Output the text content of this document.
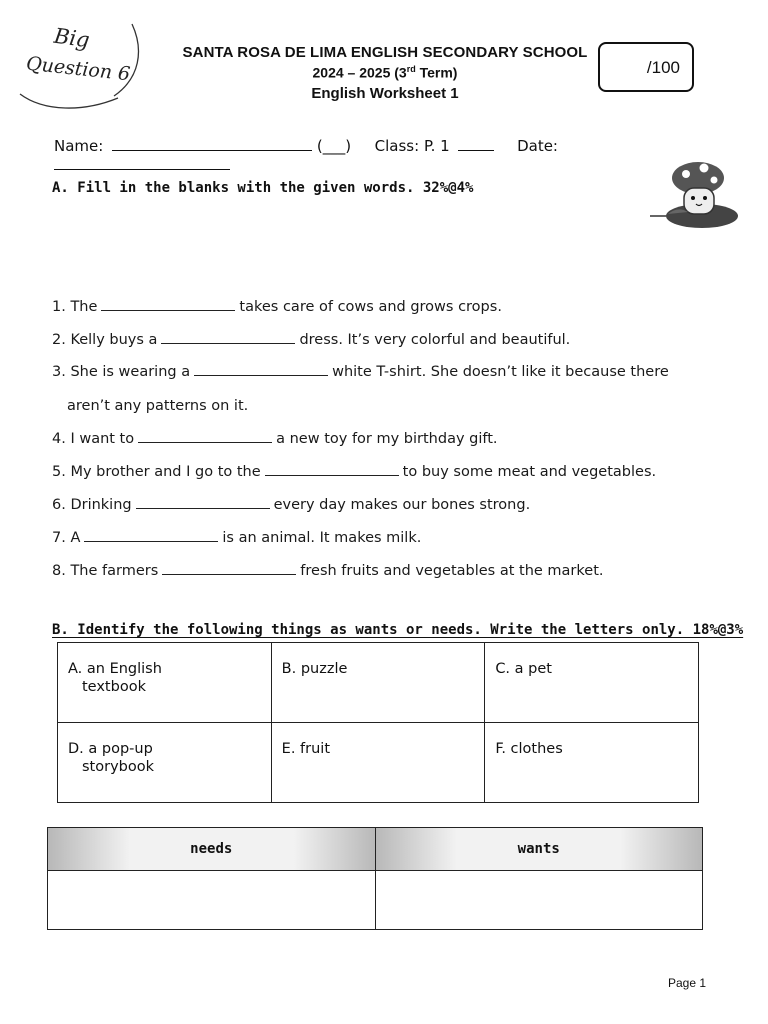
Big
Question 6
SANTA ROSA DE LIMA ENGLISH SECONDARY SCHOOL
2024 – 2025 (3rd Term)
English Worksheet 1
/100
Name:	(___) Class: P. 1	Date:
A. Fill in the blanks with the given words. 32%@4%
1. The	takes care of cows and grows crops.
2. Kelly buys a	dress. It’s very colorful and beautiful.
3. She is wearing a	white T-shirt. She doesn’t like it because there
aren’t any patterns on it.
4. I want to	a new toy for my birthday gift.
5. My brother and I go to the	to buy some meat and vegetables.
6. Drinking	every day makes our bones strong.
7. A	is an animal. It makes milk.
8. The farmers	fresh fruits and vegetables at the market.
B. Identify the following things as wants or needs. Write the letters only. 18%@3%
A. an English
textbook	B. puzzle	C. a pet

D. a pop-up
storybook	E. fruit	F. clothes
needs	wants

Page 1
